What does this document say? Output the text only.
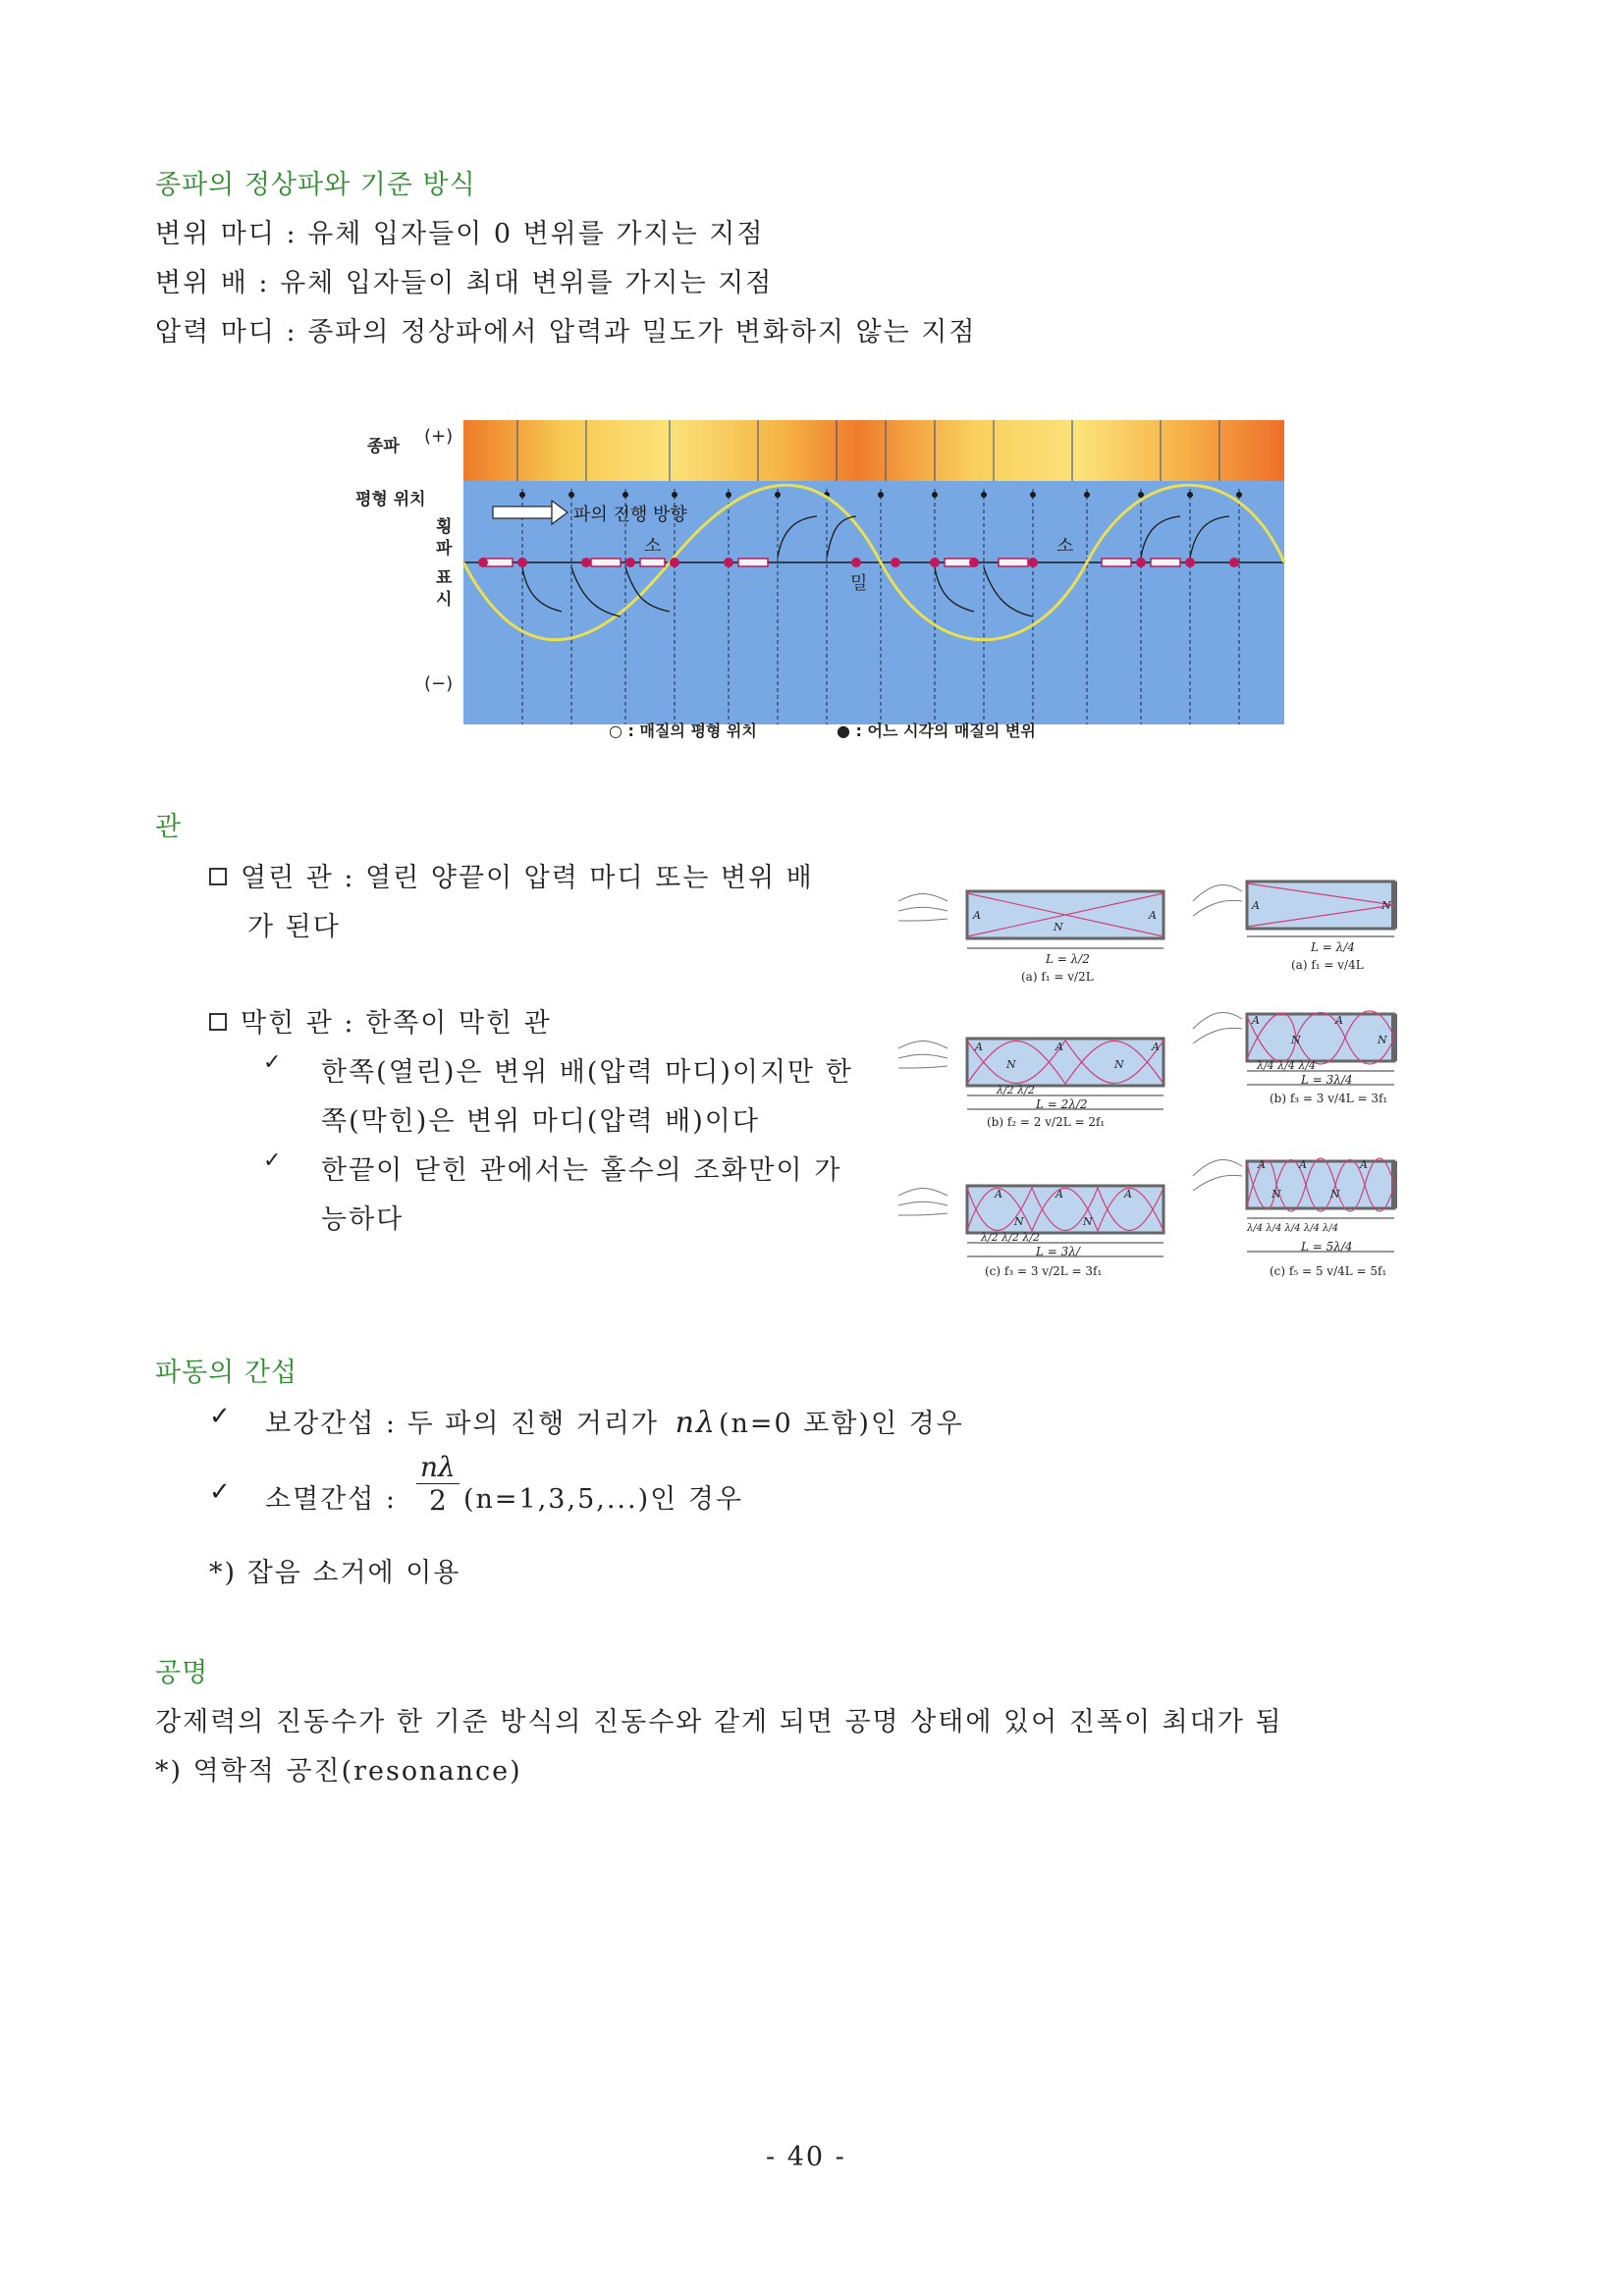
종파의 정상파와 기준 방식
변위 마디 : 유체 입자들이 0 변위를 가지는 지점
변위 배 : 유체 입자들이 최대 변위를 가지는 지점
압력 마디 : 종파의 정상파에서 압력과 밀도가 변화하지 않는 지점
종파 (+)
평형 위치
파의 진행 방향
횡
파
표
시
(−)
소	소
밀
○ : 매질의 평형 위치	● : 어느 시각의 매질의 변위
관
열린 관 : 열린 양끝이 압력 마디 또는 변위 배
가 된다
막힌 관 : 한쪽이 막힌 관
✓ 한쪽(열린)은 변위 배(압력 마디)이지만 한
쪽(막힌)은 변위 마디(압력 배)이다
✓ 한끝이 닫힌 관에서는 홀수의 조화만이 가
능하다
A
N
A
A	N
A
N
A
N
A
A
N
A
N
A
N
A
N
A
A
N
A
N
A
L = λ/2
(a) f₁ = v/2L
L = λ/4
(a) f₁ = v/4L
λ/2 λ/2
L = 2λ/2
(b) f₂ = 2 v/2L = 2f₁
λ/4 λ/4 λ/4
L = 3λ/4
(b) f₃ = 3 v/4L = 3f₁
λ/2 λ/2 λ/2
L = 3λ/
(c) f₃ = 3 v/2L = 3f₁
λ/4 λ/4 λ/4 λ/4 λ/4
L = 5λ/4
(c) f₅ = 5 v/4L = 5f₁
파동의 간섭
✓ 보강간섭 : 두 파의 진행 거리가 nλ(n=0 포함)인 경우
✓ 소멸간섭 : $\frac{n\lambda}{2} (n=1,3,5,...)$인 경우
*) 잡음 소거에 이용
공명
강제력의 진동수가 한 기준 방식의 진동수와 같게 되면 공명 상태에 있어 진폭이 최대가 됨
*) 역학적 공진(resonance)
- 40 -
